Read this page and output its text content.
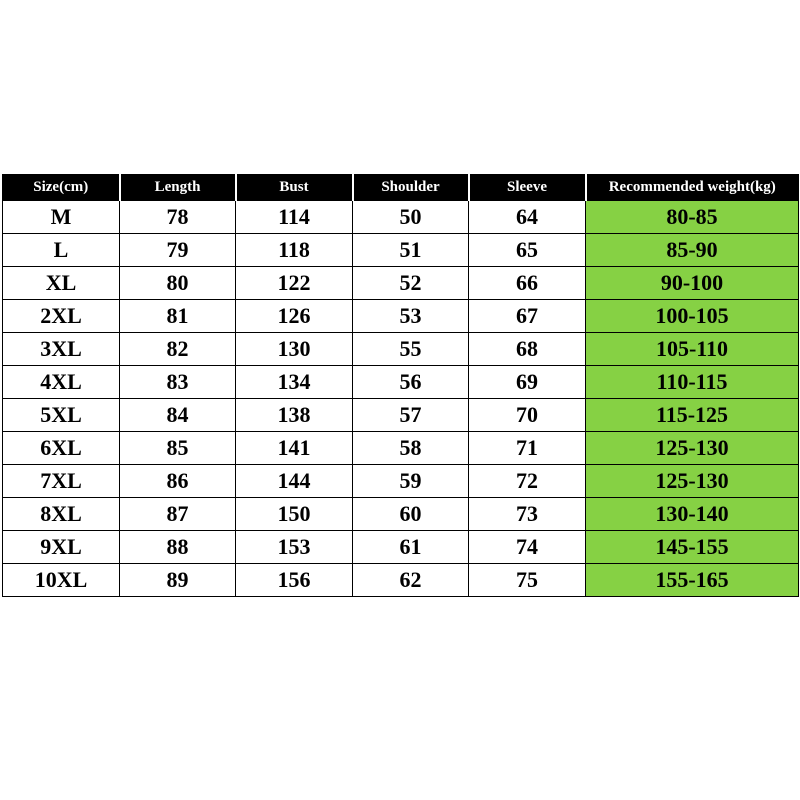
Size(cm)	Length	Bust	Shoulder	Sleeve	Recommended weight(kg)
M	78	114	50	64	80-85
L	79	118	51	65	85-90
XL	80	122	52	66	90-100
2XL	81	126	53	67	100-105
3XL	82	130	55	68	105-110
4XL	83	134	56	69	110-115
5XL	84	138	57	70	115-125
6XL	85	141	58	71	125-130
7XL	86	144	59	72	125-130
8XL	87	150	60	73	130-140
9XL	88	153	61	74	145-155
10XL	89	156	62	75	155-165
